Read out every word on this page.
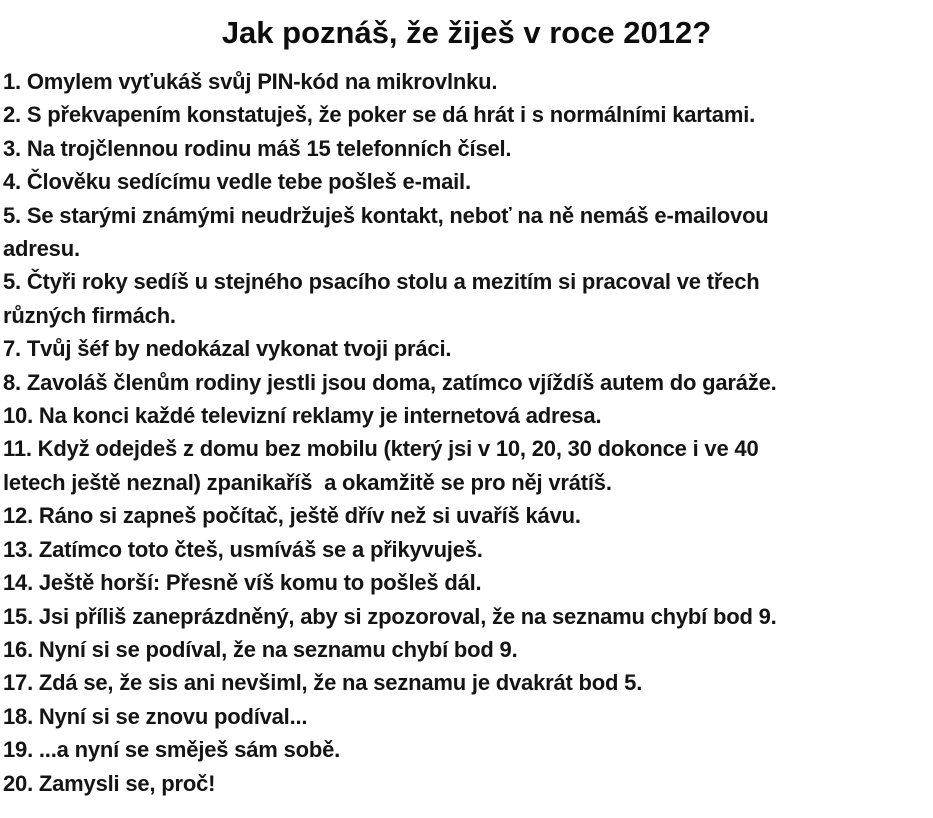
Jak poznáš, že žiješ v roce 2012?

1. Omylem vyťukáš svůj PIN-kód na mikrovlnku.

2. S překvapením konstatuješ, že poker se dá hrát i s normálními kartami.

3. Na trojčlennou rodinu máš 15 telefonních čísel.

4. Člověku sedícímu vedle tebe pošleš e-mail.

5. Se starými známými neudržuješ kontakt, neboť na ně nemáš e-mailovou

adresu.

5. Čtyři roky sedíš u stejného psacího stolu a mezitím si pracoval ve třech

různých firmách.

7. Tvůj šéf by nedokázal vykonat tvoji práci.

8. Zavoláš členům rodiny jestli jsou doma, zatímco vjíždíš autem do garáže.

10. Na konci každé televizní reklamy je internetová adresa.

11. Když odejdeš z domu bez mobilu (který jsi v 10, 20, 30 dokonce i ve 40

letech ještě neznal) zpanikaříš  a okamžitě se pro něj vrátíš.

12. Ráno si zapneš počítač, ještě dřív než si uvaříš kávu.

13. Zatímco toto čteš, usmíváš se a přikyvuješ.

14. Ještě horší: Přesně víš komu to pošleš dál.

15. Jsi příliš zaneprázdněný, aby si zpozoroval, že na seznamu chybí bod 9.

16. Nyní si se podíval, že na seznamu chybí bod 9.

17. Zdá se, že sis ani nevšiml, že na seznamu je dvakrát bod 5.

18. Nyní si se znovu podíval...

19. ...a nyní se směješ sám sobě.

20. Zamysli se, proč!
